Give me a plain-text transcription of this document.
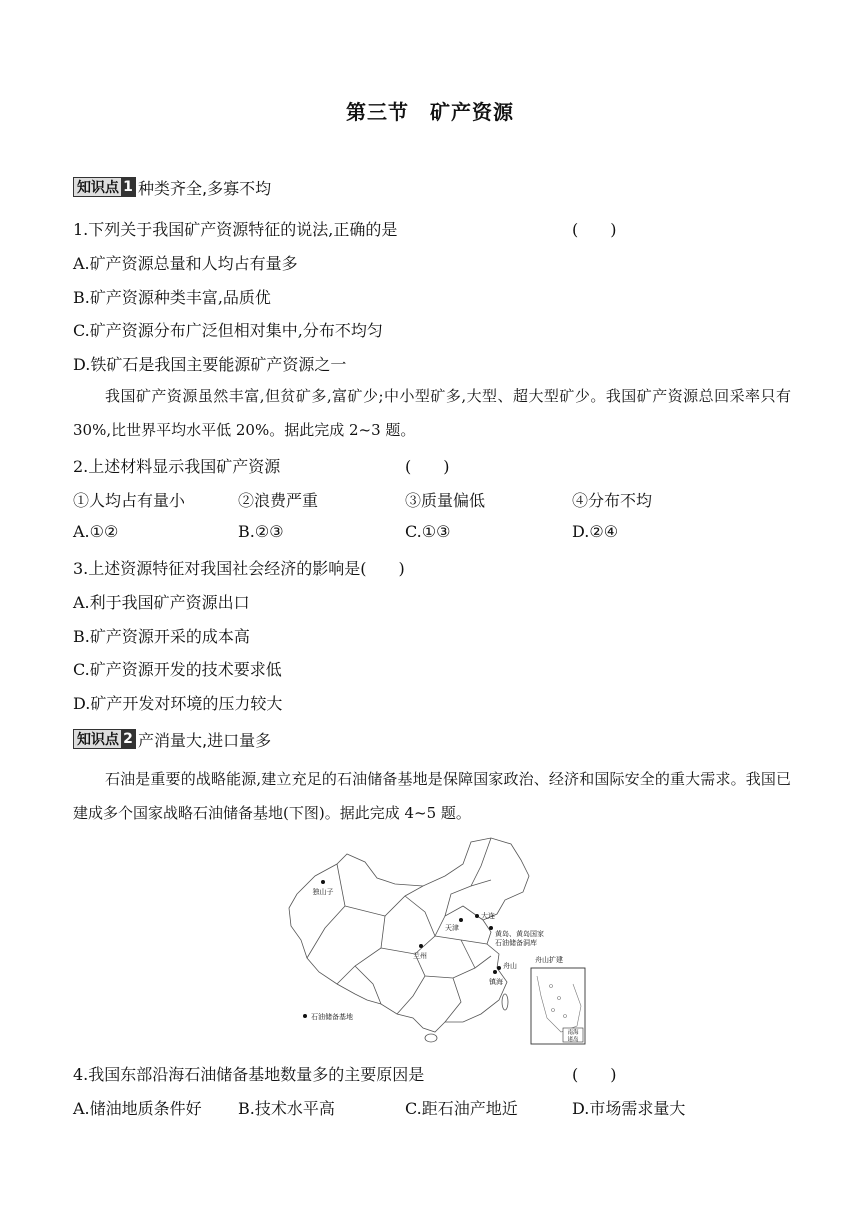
第三节　矿产资源
知识点 1 种类齐全,多寡不均
1.下列关于我国矿产资源特征的说法,正确的是	(　　)
A.矿产资源总量和人均占有量多
B.矿产资源种类丰富,品质优
C.矿产资源分布广泛但相对集中,分布不均匀
D.铁矿石是我国主要能源矿产资源之一
我国矿产资源虽然丰富,但贫矿多,富矿少;中小型矿多,大型、超大型矿少。我国矿产资源总回采率只有 30%,比世界平均水平低 20%。据此完成 2~3 题。
2.上述材料显示我国矿产资源	(　　)
①人均占有量小	②浪费严重	③质量偏低	④分布不均
A.①②	B.②③	C.①③	D.②④
3.上述资源特征对我国社会经济的影响是(　　)
A.利于我国矿产资源出口
B.矿产资源开采的成本高
C.矿产资源开发的技术要求低
D.矿产开发对环境的压力较大
知识点 2 产消量大,进口量多
石油是重要的战略能源,建立充足的石油储备基地是保障国家政治、经济和国际安全的重大需求。我国已建成多个国家战略石油储备基地(下图)。据此完成 4~5 题。
南海
诸岛
独山子
大连
天津
黄岛、黄岛国家
石油储备洞库
兰州
舟山
舟山扩建
镇海
石油储备基地
4.我国东部沿海石油储备基地数量多的主要原因是	(　　)
A.储油地质条件好 B.技术水平高	C.距石油产地近	D.市场需求量大
